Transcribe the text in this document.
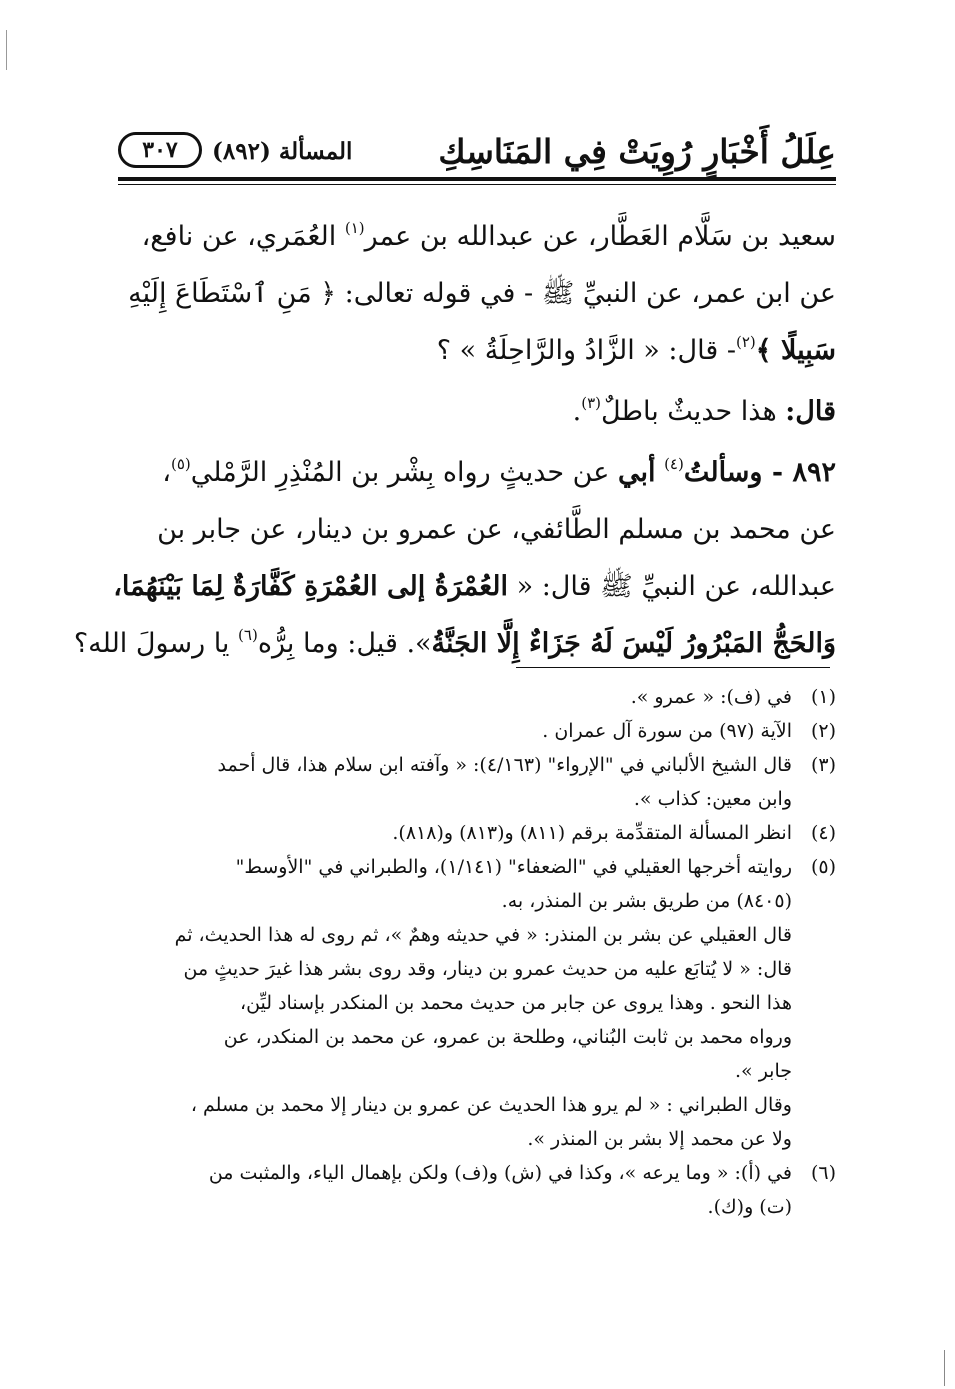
عِلَلُ أَخْبَارٍ رُوِيَتْ فِي المَنَاسِكِ
المسألة (٨٩٢)
٣٠٧

سعيد بن سَلَّام العَطَّار، عن عبدالله بن عمر$^{(١)}$ العُمَري، عن نافع،

عن ابن عمر، عن النبيِّ ﷺ - في قوله تعالى: ﴿ مَنِ ٱسْتَطَاعَ إِلَيْهِ

سَبِيلًا ﴾$^{(٢)}$- قال: « الزَّادُ والرَّاحِلَةُ » ؟

قال: هذا حديثٌ باطلٌ$^{(٣)}$.

٨٩٢ - وسألتُ$^{(٤)}$ أبي عن حديثٍ رواه بِشْر بن المُنْذِرِ الرَّمْلي$^{(٥)}$،

عن محمد بن مسلم الطَّائفي، عن عمرو بن دينار، عن جابر بن

عبدالله، عن النبيِّ ﷺ قال: « العُمْرَةُ إلى العُمْرَةِ كَفَّارَةٌ لِمَا بَيْنَهُمَا،

وَالحَجُّ المَبْرُورُ لَيْسَ لَهُ جَزَاءٌ إِلَّا الجَنَّةُ». قيل: وما بِرُّه$^{(٦)}$ يا رسولَ الله؟

(١)في (ف): « عمرو ».
(٢)الآية (٩٧) من سورة آل عمران .
(٣)قال الشيخ الألباني في "الإرواء" (٤/١٦٣): « وآفته ابن سلام هذا، قال أحمد
وابن معين: كذاب ».
(٤)انظر المسألة المتقدِّمة برقم (٨١١) و(٨١٣) و(٨١٨).
(٥)روايته أخرجها العقيلي في "الضعفاء" (١/١٤١)، والطبراني في "الأوسط"
(٨٤٠٥) من طريق بشر بن المنذر، به.
قال العقيلي عن بشر بن المنذر: « في حديثه وهمٌ »، ثم روى له هذا الحديث، ثم
قال: « لا يُتابَع عليه من حديث عمرو بن دينار، وقد روى بشر هذا غيرَ حديثٍ من
هذا النحو . وهذا يروى عن جابر من حديث محمد بن المنكدر بإسناد ليِّن،
ورواه محمد بن ثابت البُناني، وطلحة بن عمرو، عن محمد بن المنكدر، عن
جابر ».
وقال الطبراني : « لم يرو هذا الحديث عن عمرو بن دينار إلا محمد بن مسلم ،
ولا عن محمد إلا بشر بن المنذر ».
(٦)في (أ): « وما يرعه »، وكذا في (ش) و(ف) ولكن بإهمال الياء، والمثبت من
(ت) و(ك).
